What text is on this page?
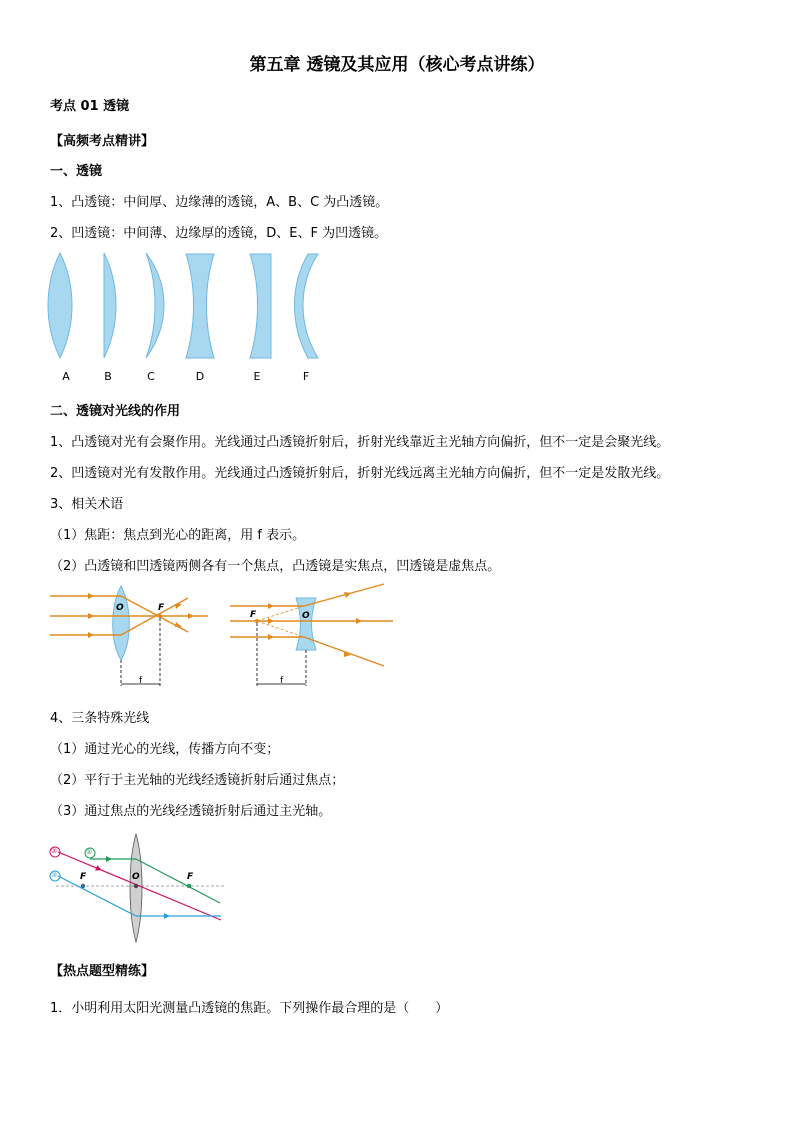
第五章 透镜及其应用（核心考点讲练）
考点 01 透镜
【高频考点精讲】
一、透镜
1、凸透镜：中间厚、边缘薄的透镜，A、B、C 为凸透镜。
2、凹透镜：中间薄、边缘厚的透镜，D、E、F 为凹透镜。
A	B	C	D	E	F
二、透镜对光线的作用
1、凸透镜对光有会聚作用。光线通过凸透镜折射后，折射光线靠近主光轴方向偏折，但不一定是会聚光线。
2、凹透镜对光有发散作用。光线通过凸透镜折射后，折射光线远离主光轴方向偏折，但不一定是发散光线。
3、相关术语
（1）焦距：焦点到光心的距离，用 f 表示。
（2）凸透镜和凹透镜两侧各有一个焦点，凸透镜是实焦点，凹透镜是虚焦点。
O	F
f
F	O
f
4、三条特殊光线
（1）通过光心的光线，传播方向不变；
（2）平行于主光轴的光线经透镜折射后通过焦点；
（3）通过焦点的光线经透镜折射后通过主光轴。
②	①
③	F	O	F
【热点题型精练】
1．小明利用太阳光测量凸透镜的焦距。下列操作最合理的是（　　）
